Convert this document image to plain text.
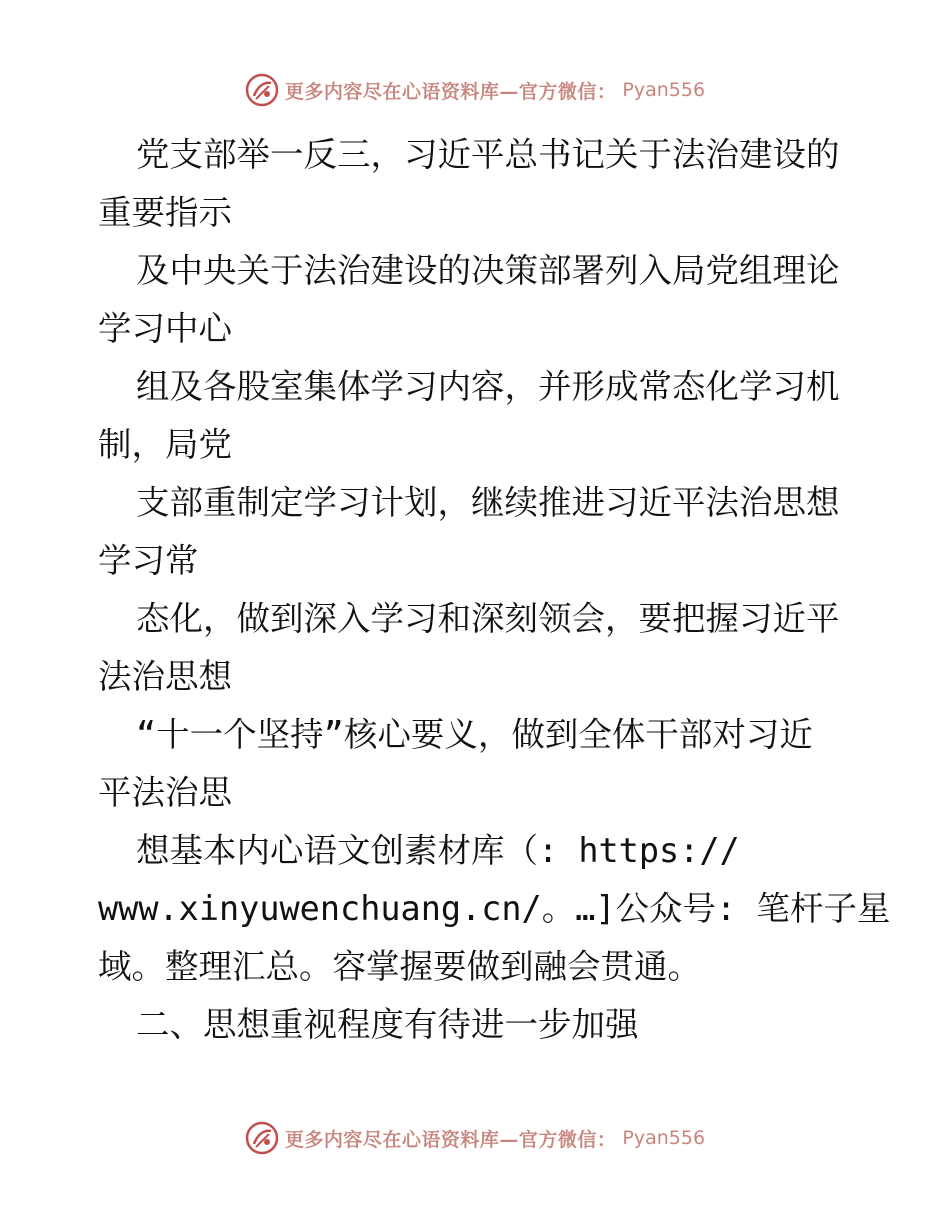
更多内容尽在心语资料库—官方微信： Pyan556

党支部举一反三，习近平总书记关于法治建设的

重要指示

及中央关于法治建设的决策部署列入局党组理论

学习中心

组及各股室集体学习内容，并形成常态化学习机

制，局党

支部重制定学习计划，继续推进习近平法治思想

学习常

态化，做到深入学习和深刻领会，要把握习近平

法治思想

“十一个坚持”核心要义，做到全体干部对习近

平法治思

想基本内心语文创素材库（: https://

www.xinyuwenchuang.cn/。…]公众号: 笔杆子星

域。整理汇总。容掌握要做到融会贯通。

二、思想重视程度有待进一步加强

更多内容尽在心语资料库—官方微信： Pyan556
